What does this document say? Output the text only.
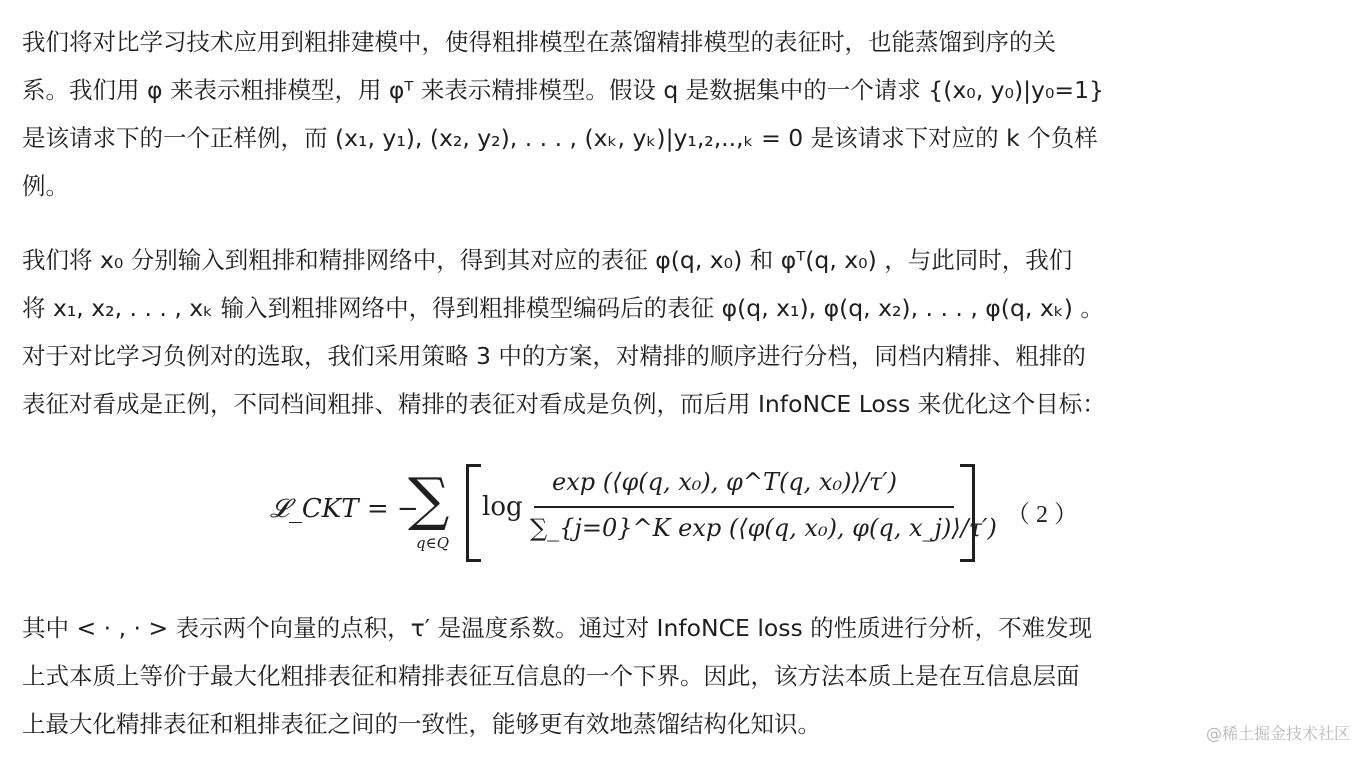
我们将对比学习技术应用到粗排建模中，使得粗排模型在蒸馏精排模型的表征时，也能蒸馏到序的关
系。我们用 φ 来表示粗排模型，用 φᵀ 来表示精排模型。假设 q 是数据集中的一个请求 {(x₀, y₀)|y₀=1}
是该请求下的一个正样例，而 (x₁, y₁), (x₂, y₂), . . . , (xₖ, yₖ)|y₁,₂,..,ₖ = 0 是该请求下对应的 k 个负样
例。
我们将 x₀ 分别输入到粗排和精排网络中，得到其对应的表征 φ(q, x₀) 和 φᵀ(q, x₀) ，与此同时，我们
将 x₁, x₂, . . . , xₖ 输入到粗排网络中，得到粗排模型编码后的表征 φ(q, x₁), φ(q, x₂), . . . , φ(q, xₖ) 。
对于对比学习负例对的选取，我们采用策略 3 中的方案，对精排的顺序进行分档，同档内精排、粗排的
表征对看成是正例，不同档间粗排、精排的表征对看成是负例，而后用 InfoNCE Loss 来优化这个目标：
𝓛_CKT = −
∑
q∈Q
log
exp (⟨φ(q, x₀), φ^T(q, x₀)⟩/τ′)
∑_{j=0}^K exp (⟨φ(q, x₀), φ(q, x_j)⟩/τ′) （ 2 ）
其中 < · , · > 表示两个向量的点积，τ′ 是温度系数。通过对 InfoNCE loss 的性质进行分析，不难发现
上式本质上等价于最大化粗排表征和精排表征互信息的一个下界。因此，该方法本质上是在互信息层面
上最大化精排表征和粗排表征之间的一致性，能够更有效地蒸馏结构化知识。	@稀土掘金技术社区
